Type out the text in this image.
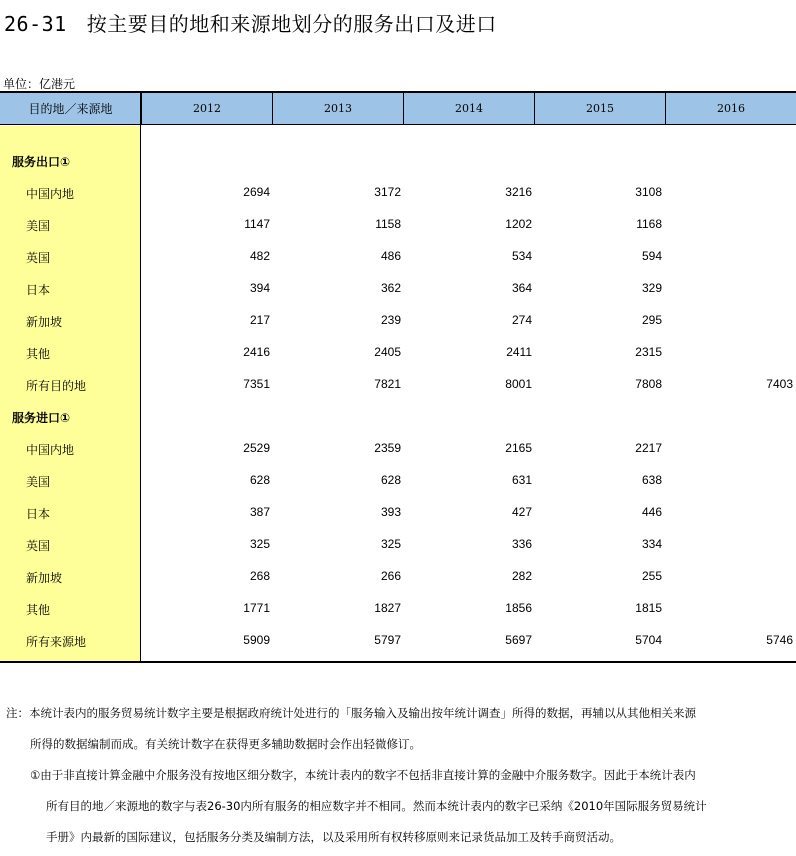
26-31 按主要目的地和来源地划分的服务出口及进口
单位：亿港元
目的地／来源地	2012	2013	2014	2015	2016
服务出口①
中国内地	2694	3172	3216	3108
美国	1147	1158	1202	1168
英国	482	486	534	594
日本	394	362	364	329
新加坡	217	239	274	295
其他	2416	2405	2411	2315
所有目的地	7351	7821	8001	7808	7403
服务进口①
中国内地	2529	2359	2165	2217
美国	628	628	631	638
日本	387	393	427	446
英国	325	325	336	334
新加坡	268	266	282	255
其他	1771	1827	1856	1815
所有来源地	5909	5797	5697	5704	5746

注：本统计表内的服务贸易统计数字主要是根据政府统计处进行的「服务输入及输出按年统计调查」所得的数据，再辅以从其他相关来源

所得的数据编制而成。有关统计数字在获得更多辅助数据时会作出轻微修订。

①由于非直接计算金融中介服务没有按地区细分数字，本统计表内的数字不包括非直接计算的金融中介服务数字。因此于本统计表内

所有目的地／来源地的数字与表26-30内所有服务的相应数字并不相同。然而本统计表内的数字已采纳《2010年国际服务贸易统计

手册》内最新的国际建议，包括服务分类及编制方法，以及采用所有权转移原则来记录货品加工及转手商贸活动。
